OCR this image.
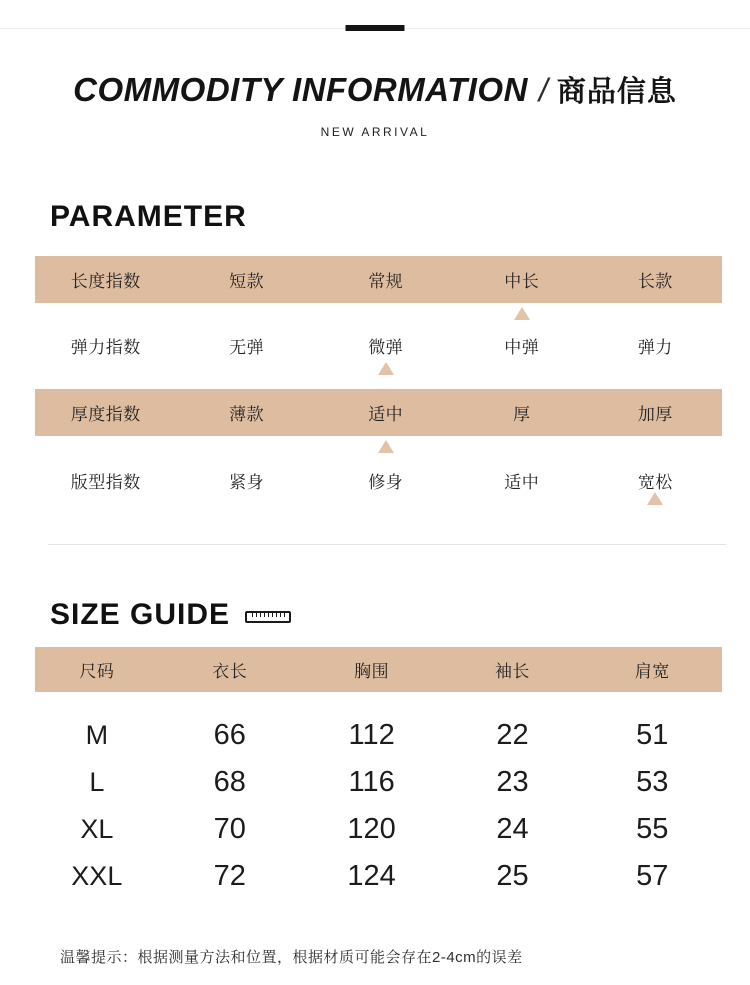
COMMODITY INFORMATION / 商品信息
NEW ARRIVAL
PARAMETER
长度指数	短款	常规	中长	长款
弹力指数	无弹	微弹	中弹	弹力
厚度指数	薄款	适中	厚	加厚
版型指数	紧身	修身	适中	宽松
SIZE GUIDE
尺码	衣长	胸围	袖长	肩宽
M	66	112	22	51
L	68	116	23	53
XL	70	120	24	55
XXL	72	124	25	57
温馨提示：根据测量方法和位置，根据材质可能会存在2-4cm的误差
